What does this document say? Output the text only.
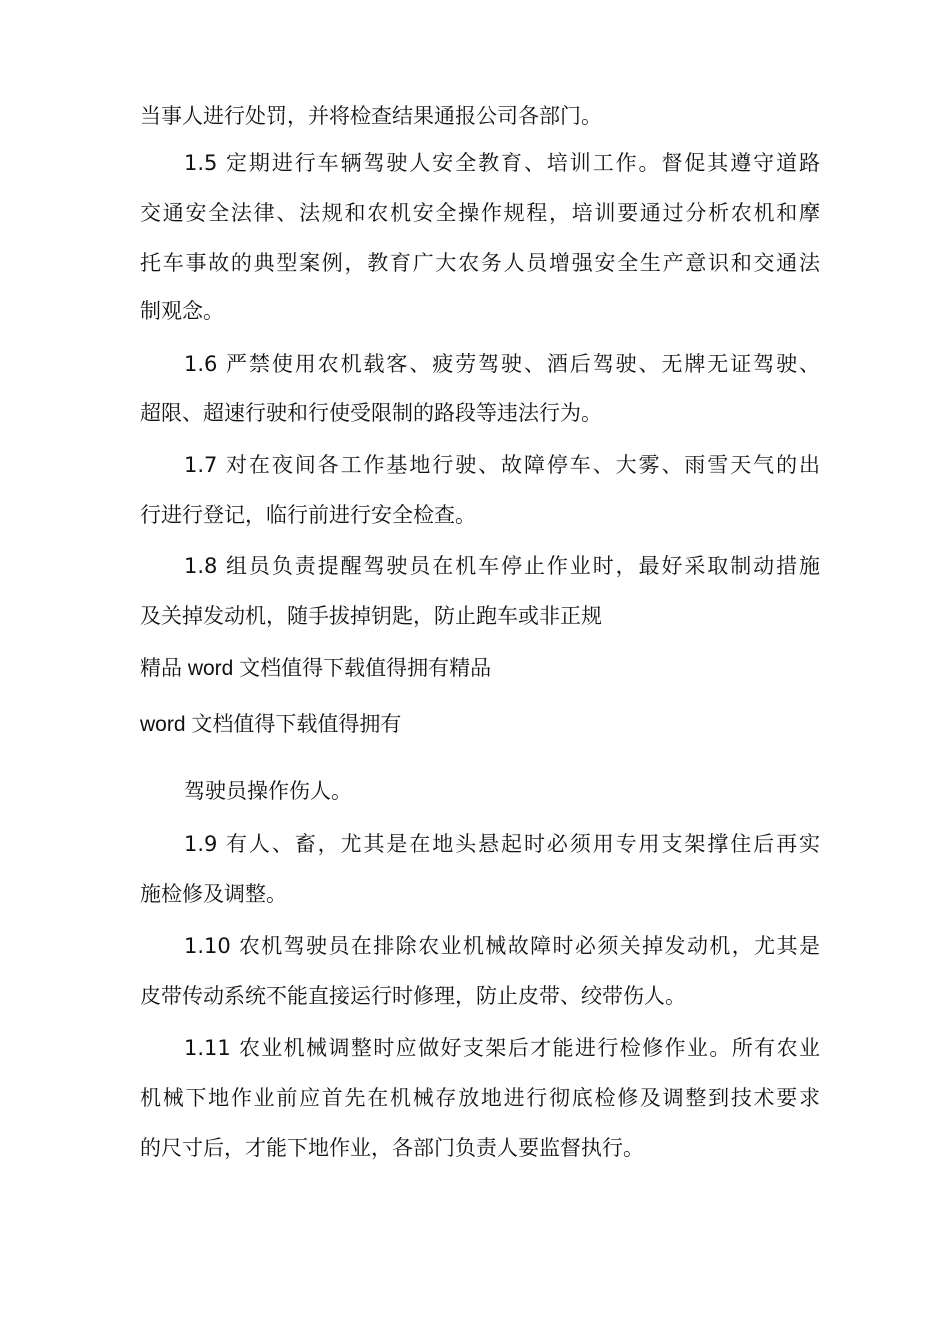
当事人进行处罚，并将检查结果通报公司各部门。
1.5 定期进行车辆驾驶人安全教育、培训工作。督促其遵守道路
交通安全法律、法规和农机安全操作规程，培训要通过分析农机和摩
托车事故的典型案例，教育广大农务人员增强安全生产意识和交通法
制观念。
1.6 严禁使用农机载客、疲劳驾驶、酒后驾驶、无牌无证驾驶、
超限、超速行驶和行使受限制的路段等违法行为。
1.7 对在夜间各工作基地行驶、故障停车、大雾、雨雪天气的出
行进行登记，临行前进行安全检查。
1.8 组员负责提醒驾驶员在机车停止作业时，最好采取制动措施
及关掉发动机，随手拔掉钥匙，防止跑车或非正规
精品 word 文档值得下载值得拥有精品
word 文档值得下载值得拥有
驾驶员操作伤人。
1.9 有人、畜，尤其是在地头悬起时必须用专用支架撑住后再实
施检修及调整。
1.10 农机驾驶员在排除农业机械故障时必须关掉发动机，尤其是
皮带传动系统不能直接运行时修理，防止皮带、绞带伤人。
1.11 农业机械调整时应做好支架后才能进行检修作业。所有农业
机械下地作业前应首先在机械存放地进行彻底检修及调整到技术要求
的尺寸后，才能下地作业，各部门负责人要监督执行。
